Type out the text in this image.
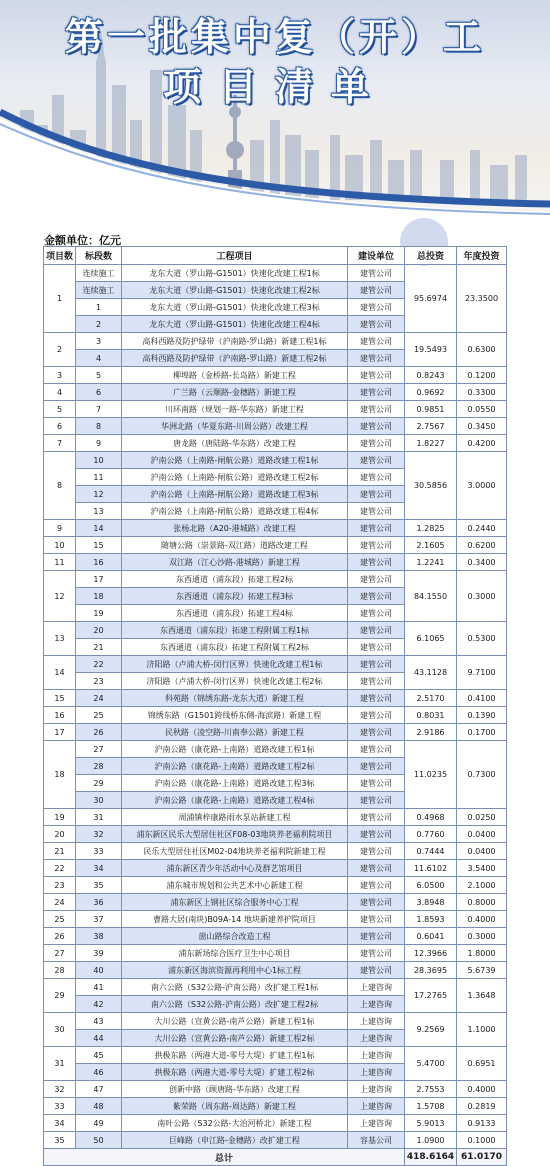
第一批集中复（开）工
项目清单
金额单位：亿元
项目数	标段数	工程项目	建设单位	总投资	年度投资
1	连续施工	龙东大道（罗山路-G1501）快速化改建工程1标	建管公司	95.6974	23.3500
	连续施工	龙东大道（罗山路-G1501）快速化改建工程2标	建管公司		
	1	龙东大道（罗山路-G1501）快速化改建工程3标	建管公司		
	2	龙东大道（罗山路-G1501）快速化改建工程4标	建管公司		
2	3	高科西路及防护绿带（沪南路-罗山路）新建工程1标	建管公司	19.5493	0.6300
	4	高科西路及防护绿带（沪南路-罗山路）新建工程2标	建管公司		
3	5	柳埠路（金桥路-长岛路）新建工程	建管公司	0.8243	0.1200
4	6	广兰路（云顺路-金穗路）新建工程	建管公司	0.9692	0.3300
5	7	川环南路（规划一路-华东路）新建工程	建管公司	0.9851	0.0550
6	8	华洲北路（华夏东路-川周公路）改建工程	建管公司	2.7567	0.3450
7	9	唐龙路（唐陆路-华东路）改建工程	建管公司	1.8227	0.4200
8	10	沪南公路（上南路-闸航公路）道路改建工程1标	建管公司	30.5856	3.0000
	11	沪南公路（上南路-闸航公路）道路改建工程2标	建管公司		
	12	沪南公路（上南路-闸航公路）道路改建工程3标	建管公司		
	13	沪南公路（上南路-闸航公路）道路改建工程4标	建管公司		
9	14	张杨北路（A20-港城路）改建工程	建管公司	1.2825	0.2440
10	15	随塘公路（崇景路-双江路）道路改建工程	建管公司	2.1605	0.6200
11	16	双江路（江心沙路-港城路）新建工程	建管公司	1.2241	0.3400
12	17	东西通道（浦东段）拓建工程2标	建管公司	84.1550	0.3000
	18	东西通道（浦东段）拓建工程3标	建管公司		
	19	东西通道（浦东段）拓建工程4标	建管公司		
13	20	东西通道（浦东段）拓建工程附属工程1标	建管公司	6.1065	0.5300
	21	东西通道（浦东段）拓建工程附属工程2标	建管公司		
14	22	济阳路（卢浦大桥-闵行区界）快速化改建工程1标	建管公司	43.1128	9.7100
	23	济阳路（卢浦大桥-闵行区界）快速化改建工程2标	建管公司		
15	24	科苑路（锦绣东路-龙东大道）新建工程	建管公司	2.5170	0.4100
16	25	锦绣东路（G1501跨线桥东侧-海滨路）新建工程	建管公司	0.8031	0.1390
17	26	民秋路（凌空路-川南奉公路）新建工程	建管公司	2.9186	0.1700
18	27	沪南公路（康花路-上南路）道路改建工程1标	建管公司	11.0235	0.7300
	28	沪南公路（康花路-上南路）道路改建工程2标	建管公司		
	29	沪南公路（康花路-上南路）道路改建工程3标	建管公司		
	30	沪南公路（康花路-上南路）道路改建工程4标	建管公司		
19	31	周浦镇梓康路雨水泵站新建工程	建管公司	0.4968	0.0250
20	32	浦东新区民乐大型居住社区F08-03地块养老福利院项目	建管公司	0.7760	0.0400
21	33	民乐大型居住社区M02-04地块养老福利院新建工程	建管公司	0.7444	0.0400
22	34	浦东新区青少年活动中心及群艺馆项目	建管公司	11.6102	3.5400
23	35	浦东城市规划和公共艺术中心新建工程	建管公司	6.0500	2.1000
24	36	浦东新区上钢社区综合服务中心工程	建管公司	3.8948	0.8000
25	37	曹路大居(南块)B09A-14 地块新建养护院项目	建管公司	1.8593	0.4000
26	38	崮山路综合改造工程	建管公司	0.6041	0.3000
27	39	浦东新场综合医疗卫生中心项目	建管公司	12.3966	1.8000
28	40	浦东新区海滨资源再利用中心1标工程	建管公司	28.3695	5.6739
29	41	南六公路（S32公路-沪南公路）改扩建工程1标	上建咨询	17.2765	1.3648
	42	南六公路（S32公路-沪南公路）改扩建工程2标	上建咨询		
30	43	大川公路（宣黄公路-南芦公路）新建工程1标	上建咨询	9.2569	1.1000
	44	大川公路（宣黄公路-南芦公路）新建工程2标	上建咨询		
31	45	拱极东路（两港大道-零号大堤）扩建工程1标	上建咨询	5.4700	0.6951
	46	拱极东路（两港大道-零号大堤）扩建工程2标	上建咨询		
32	47	创新中路（顾唐路-华东路）改建工程	上建咨询	2.7553	0.4000
33	48	紫荣路（周东路-周达路）新建工程	上建咨询	1.5708	0.2819
34	49	南叶公路（S32公路-大治河桥北）新建工程	上建咨询	5.9013	0.9133
35	50	巨峰路（申江路-金穗路）改扩建工程	容基公司	1.0900	0.1000
总计				418.6164	61.0170
